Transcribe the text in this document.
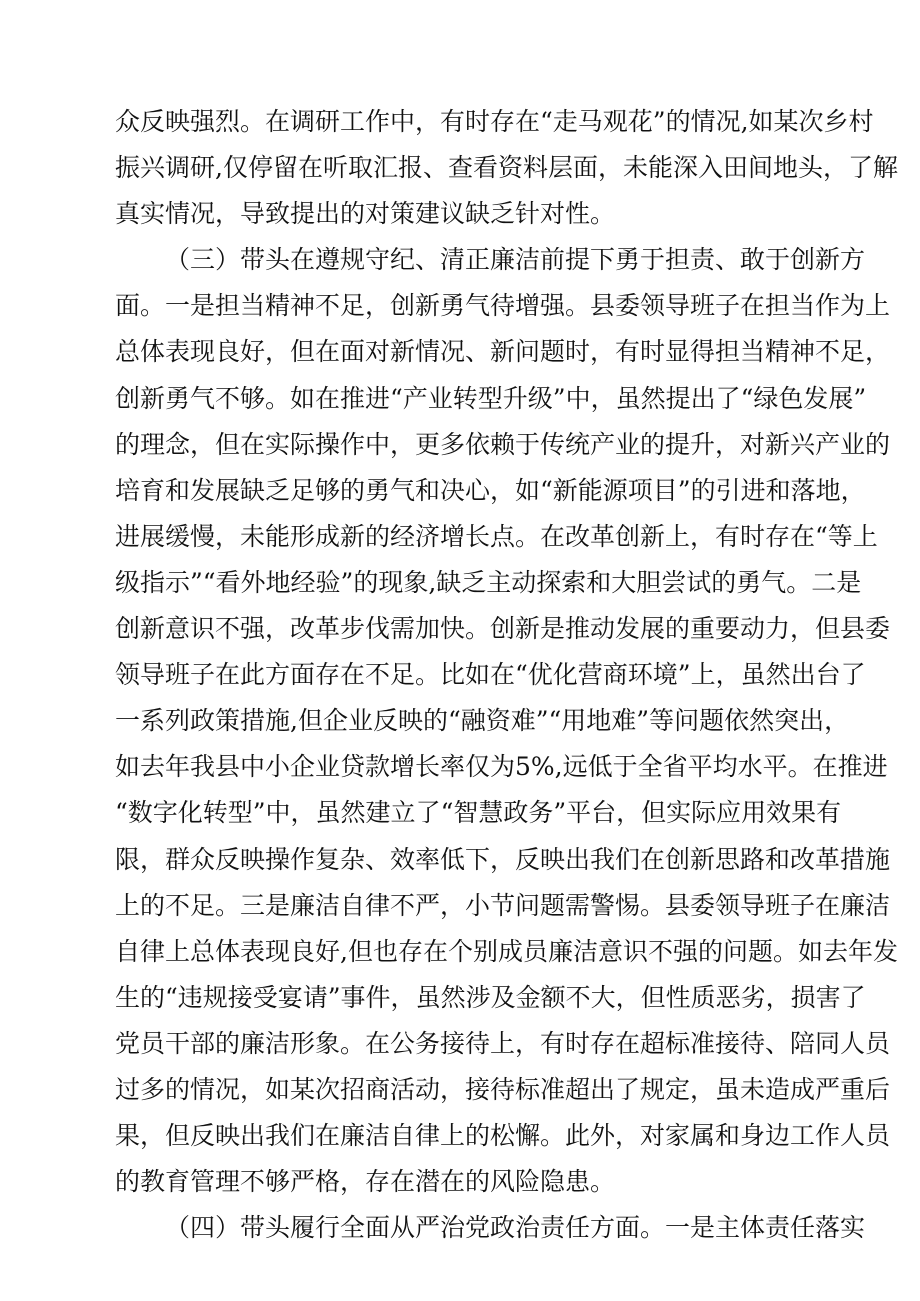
众反映强烈。在调研工作中，有时存在“走马观花”的情况,如某次乡村
振兴调研,仅停留在听取汇报、查看资料层面，未能深入田间地头，了解
真实情况，导致提出的对策建议缺乏针对性。
（三）带头在遵规守纪、清正廉洁前提下勇于担责、敢于创新方
面。一是担当精神不足，创新勇气待增强。县委领导班子在担当作为上
总体表现良好，但在面对新情况、新问题时，有时显得担当精神不足，
创新勇气不够。如在推进“产业转型升级”中，虽然提出了“绿色发展”
的理念，但在实际操作中，更多依赖于传统产业的提升，对新兴产业的
培育和发展缺乏足够的勇气和决心，如“新能源项目”的引进和落地，
进展缓慢，未能形成新的经济增长点。在改革创新上，有时存在“等上
级指示”“看外地经验”的现象,缺乏主动探索和大胆尝试的勇气。二是
创新意识不强，改革步伐需加快。创新是推动发展的重要动力，但县委
领导班子在此方面存在不足。比如在“优化营商环境”上，虽然出台了
一系列政策措施,但企业反映的“融资难”“用地难”等问题依然突出，
如去年我县中小企业贷款增长率仅为5%,远低于全省平均水平。在推进
“数字化转型”中，虽然建立了“智慧政务”平台，但实际应用效果有
限，群众反映操作复杂、效率低下，反映出我们在创新思路和改革措施
上的不足。三是廉洁自律不严，小节问题需警惕。县委领导班子在廉洁
自律上总体表现良好,但也存在个别成员廉洁意识不强的问题。如去年发
生的“违规接受宴请”事件，虽然涉及金额不大，但性质恶劣，损害了
党员干部的廉洁形象。在公务接待上，有时存在超标准接待、陪同人员
过多的情况，如某次招商活动，接待标准超出了规定，虽未造成严重后
果，但反映出我们在廉洁自律上的松懈。此外，对家属和身边工作人员
的教育管理不够严格，存在潜在的风险隐患。
（四）带头履行全面从严治党政治责任方面。一是主体责任落实
